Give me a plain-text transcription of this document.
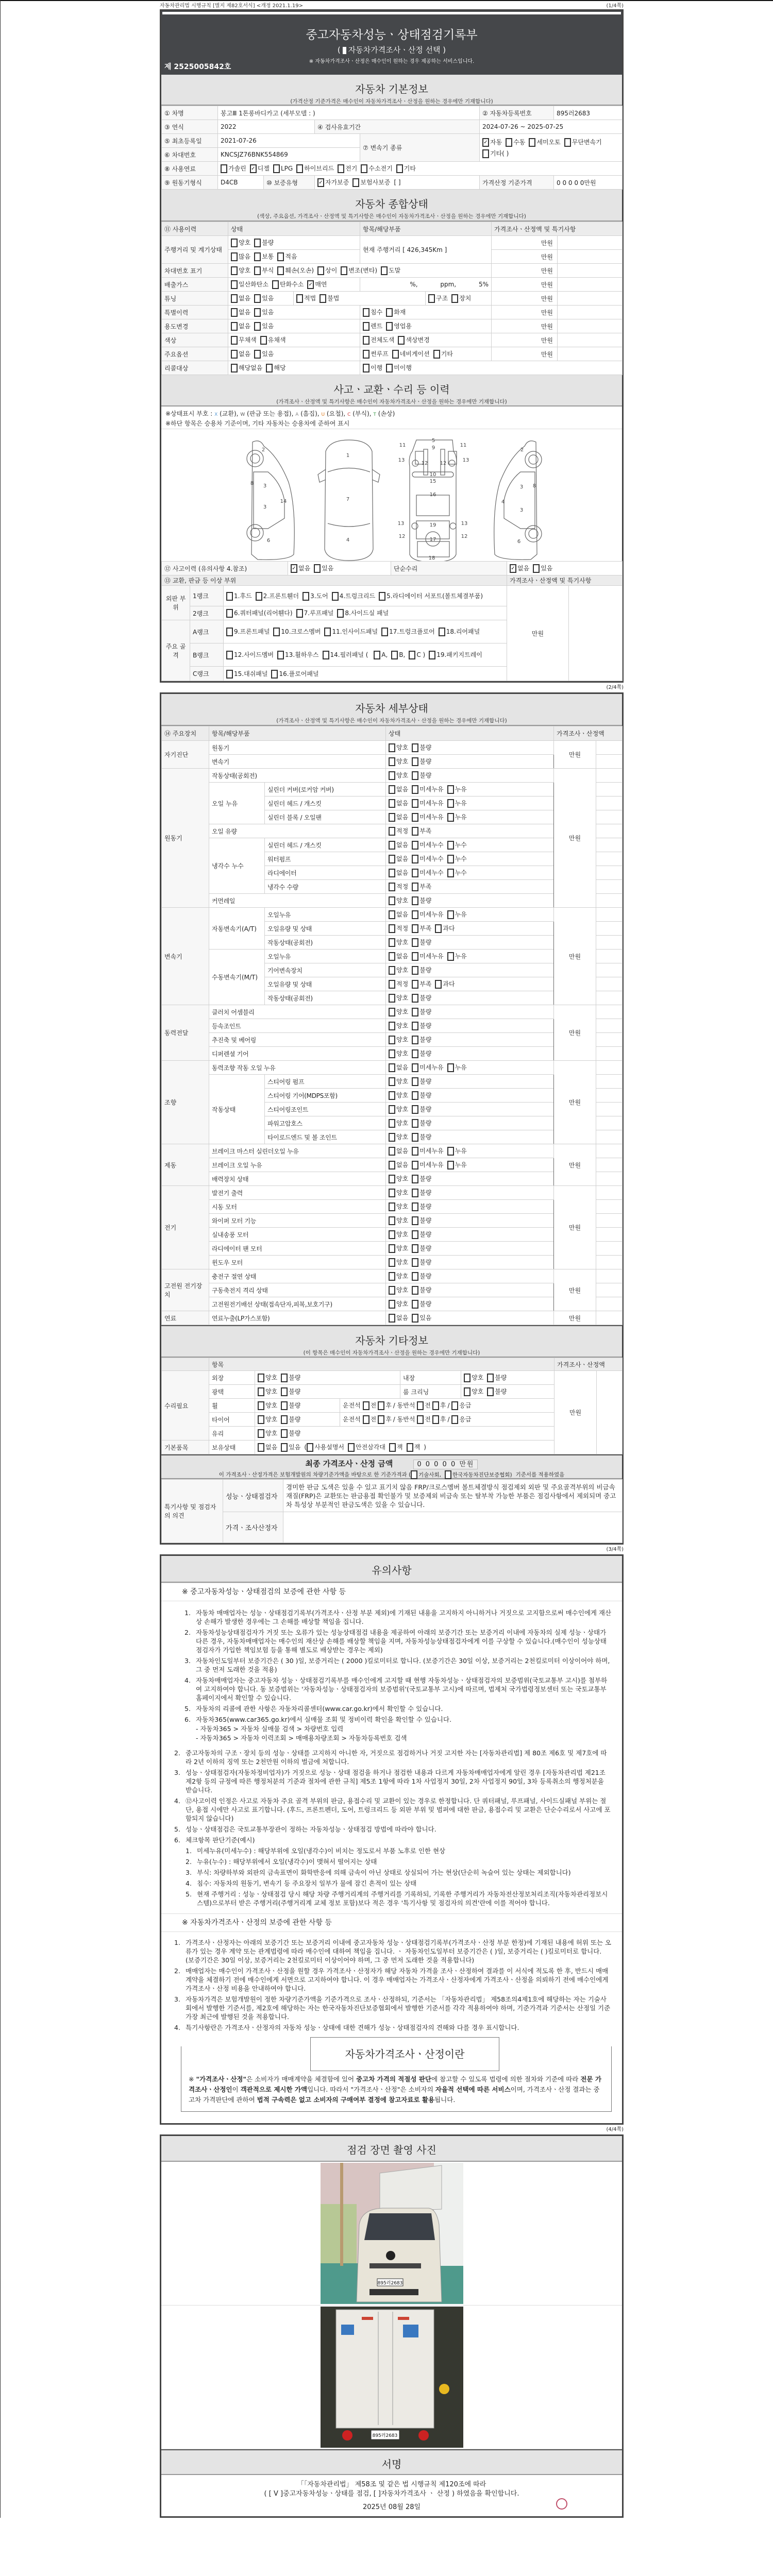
자동차관리법 시행규칙 [별지 제82호서식] <개정 2021.1.19>	(1/4쪽)
중고자동차성능ㆍ상태점검기록부
( 자동차가격조사ㆍ산정 선택 )
※ 자동차가격조사ㆍ산정은 매수인이 원하는 경우 제공하는 서비스입니다.
제 2525005842호
자동차 기본정보
(가격산정 기준가격은 매수인이 자동차가격조사ㆍ산정을 원하는 경우에만 기재합니다)
① 차명	봉고Ⅲ 1톤롱바디카고 (세부모델 : )				② 자동차등록번호	895러2683
③ 연식	2022		④ 검사유효기간		2024-07-26 ~ 2025-07-25	
⑤ 최초등록일	2021-07-26			⑦ 변속기 종류	✓ 자동 수동 세미오토 무단변속기기타( )	
⑥ 차대번호	KNCSJZ76BNK554869					
⑧ 사용연료	가솔린 ✓ 디젤 LPG 하이브리드 전기 수소전기 기타					
⑨ 원동기형식	D4CB	⑩ 보증유형	✓ 자가보증 보험사보증 [ ]		가격산정 기준가격	0 0 0 0 0만원
자동차 종합상태
(색상, 주요옵션, 가격조사ㆍ산정액 및 특기사항은 매수인이 자동차가격조사ㆍ산정을 원하는 경우에만 기재합니다)
⑪ 사용이력	상태		항목/해당부품		가격조사ㆍ산정액 및 특기사항	
주행거리 및 계기상태	양호 불량		현재 주행거리 [ 426,345Km ]		만원	
	많음 보통 적음				만원	
차대번호 표기	양호 부식 훼손(오손) 상이 변조(변타) 도말				만원	
배출가스	일산화탄소 탄화수소 ✓ 매연		%, ppm, 5%		만원	
튜닝	없음 있음	적법 불법		구조 장치	만원	
특별이력	없음 있음		침수 화재		만원	
용도변경	없음 있음		렌트 영업용		만원	
색상	무채색 유채색		전체도색 색상변경		만원	
주요옵션	없음 있음		썬루프 네비게이션 기타		만원	
리콜대상	해당없음 해당		이행 미이행			
사고ㆍ교환ㆍ수리 등 이력
(가격조사ㆍ산정액 및 특기사항은 매수인이 자동차가격조사ㆍ산정을 원하는 경우에만 기재합니다)
※상태표시 부호 : X (교환), W (판금 또는 용접), A (흠집), U (요철), C (부식), T (손상)
※하단 항목은 승용차 기준이며, 기타 자동차는 승용차에 준하여 표시
2
8 3
14
3
6
1
7
4
5
9
11	11
13	13
12 12
10
15
16
13	19	13
12
17
12
18
2
3 8
4
3
6
⑫ 사고이력 (유의사항 4.참조)			✓ 없음 있음	단순수리	✓ 없음 있음	
⑬ 교환, 판금 등 이상 부위					가격조사ㆍ산정액 및 특기사항	
외판 부위	1랭크	1.후드 2.프론트휀더 3.도어 4.트렁크리드 5.라디에이터 서포트(볼트체결부품)			만원	
	2랭크	6.쿼터패널(리어휀다) 7.루프패널 8.사이드실 패널				
주요 골격	A랭크	9.프론트패널 10.크로스멤버 11.인사이드패널 17.트렁크플로어 18.리어패널				
	B랭크	12.사이드멤버 13.휠하우스 14.필러패널 ( A, B, C ) 19.패키지트레이				
	C랭크	15.대쉬패널 16.플로어패널				
(2/4쪽)
자동차 세부상태
(가격조사ㆍ산정액 및 특기사항은 매수인이 자동차가격조사ㆍ산정을 원하는 경우에만 기재합니다)
⑭ 주요장치	항목/해당부품		상태	가격조사ㆍ산정액	
자기진단	원동기		양호 불량	만원	
	변속기		양호 불량		
원동기	작동상태(공회전)		양호 불량	만원	
	오일 누유	실린더 커버(로커암 커버)	없음 미세누유 누유		
		실린더 헤드 / 개스킷	없음 미세누유 누유		
		실린더 블록 / 오일팬	없음 미세누유 누유		
	오일 유량		적정 부족		
	냉각수 누수	실린더 헤드 / 개스킷	없음 미세누수 누수		
		워터펌프	없음 미세누수 누수		
		라디에이터	없음 미세누수 누수		
		냉각수 수량	적정 부족		
	커먼레일		양호 불량		
변속기	자동변속기(A/T)	오일누유	없음 미세누유 누유	만원	
		오일유량 및 상태	적정 부족 과다		
		작동상태(공회전)	양호 불량		
	수동변속기(M/T)	오일누유	없음 미세누유 누유		
		기어변속장치	양호 불량		
		오일유량 및 상태	적정 부족 과다		
		작동상태(공회전)	양호 불량		
동력전달	클러치 어셈블리		양호 불량	만원	
	등속조인트		양호 불량		
	추진축 및 베어링		양호 불량		
	디퍼렌셜 기어		양호 불량		
조향	동력조향 작동 오일 누유		없음 미세누유 누유	만원	
	작동상태	스티어링 펌프	양호 불량		
		스티어링 기어(MDPS포함)	양호 불량		
		스티어링조인트	양호 불량		
		파워고압호스	양호 불량		
		타이로드엔드 및 볼 조인트	양호 불량		
제동	브레이크 마스터 실린더오일 누유		없음 미세누유 누유	만원	
	브레이크 오일 누유		없음 미세누유 누유		
	배력장치 상태		양호 불량		
전기	발전기 출력		양호 불량	만원	
	시동 모터		양호 불량		
	와이퍼 모터 기능		양호 불량		
	실내송풍 모터		양호 불량		
	라디에이터 팬 모터		양호 불량		
	윈도우 모터		양호 불량		
고전원 전기장치	충전구 절연 상태		양호 불량	만원	
	구동축전지 격리 상태		양호 불량		
	고전원전기배선 상태(접속단자,피복,보호기구)		양호 불량		
연료	연료누출(LP가스포함)		없음 있음	만원	
자동차 기타정보
(이 항목은 매수인이 자동차가격조사ㆍ산정을 원하는 경우에만 기재합니다)
	항목					가격조사ㆍ산정액	
수리필요	외장	양호 불량		내장	양호 불량	만원	
	광택	양호 불량		룸 크리닝	양호 불량		
	휠	양호 불량	운전석 전 후 / 동반석 전 후 / 응급				
	타이어	양호 불량	운전석 전 후 / 동반석 전 후 / 응급				
	유리	양호 불량					
기본품목	보유상태	없음 있음 ( 사용설명서 안전삼각대 잭 잭 )					
최종 가격조사ㆍ산정 금액	0 0 0 0 0 만원
이 가격조사ㆍ산정가격은 보험개발원의 차량기준가액을 바탕으로 한 기준가격과 ( 기술사회, 한국자동차진단보증협회) 기준서를 적용하였음
특기사항 및 점검자의 의견	성능ㆍ상태점검자	경미한 판금 도색은 있을 수 있고 표기치 않음 FRP/크로스멤버 볼트체결방식 점검제외 외판 및 주요골격부위의 비금속재질(FRP)은 교환또는 판금용접 확인불가 및 보증제외 비금속 또는 탈부착 가능한 부품은 점검사항에서 제외되며 중고차 특성상 부분적인 판금도색은 있을 수 있습니다.
	가격ㆍ조사산정자	
(3/4쪽)
유의사항
※ 중고자동차성능ㆍ상태점검의 보증에 관한 사항 등
1. 자동차 매매업자는 성능ㆍ상태점검기록부(가격조사ㆍ산정 부분 제외)에 기재된 내용을 고지하지 아니하거나 거짓으로 고지함으로써 매수인에게 재산상 손해가 발생한 경우에는 그 손해를 배상할 책임을 집니다.
2. 자동차성능상태점검자가 거짓 또는 오류가 있는 성능상태점검 내용을 제공하여 아래의 보증기간 또는 보증거리 이내에 자동차의 실제 성능ㆍ상태가 다른 경우, 자동차매매업자는 매수인의 재산상 손해를 배상할 책임을 지며, 자동차성능상태점검자에게 이를 구상할 수 있습니다.(매수인이 성능상태점검자가 가입한 책임보험 등을 통해 별도로 배상받는 경우는 제외)
3. 자동차인도일부터 보증기간은 ( 30 )일, 보증거리는 ( 2000 )킬로미터로 합니다. (보증기간은 30일 이상, 보증거리는 2천킬로미터 이상이어야 하며, 그 중 먼저 도래한 것을 적용)
4. 자동차매매업자는 중고자동차 성능ㆍ상태점검기록부를 매수인에게 고지할 때 현행 자동차성능ㆍ상태점검자의 보증범위(국토교통부 고시)를 첨부하여 고지하여야 합니다. 동 보증범위는 '자동차성능ㆍ상태점검자의 보증범위'(국토교통부 고시)에 따르며, 법제처 국가법령정보센터 또는 국토교통부 홈페이지에서 확인할 수 있습니다.
5. 자동차의 리콜에 관한 사항은 자동차리콜센터(www.car.go.kr)에서 확인할 수 있습니다.
6. 자동차365(www.car365.go.kr)에서 실매물 조회 및 정비이력 확인을 확인할 수 있습니다.
- 자동차365 > 자동차 실매물 검색 > 차량번호 입력
- 자동차365 > 자동차 이력조회 > 매매용차량조회 > 자동차등록번호 검색
2. 중고자동차의 구조ㆍ장치 등의 성능ㆍ상태를 고지하지 아니한 자, 거짓으로 점검하거나 거짓 고지한 자는 [자동차관리법] 제 80조 제6호 및 제7호에 따라 2년 이하의 징역 또는 2천만원 이하의 벌금에 처합니다.
3. 성능ㆍ상태점검자(자동차정비업자)가 거짓으로 성능ㆍ상태 점검을 하거나 점검한 내용과 다르게 자동차매매업자에게 알린 경우 [자동차관리법 제21조 제2항 등의 규정에 따른 행정처분의 기준과 절차에 관한 규칙] 제5조 1항에 따라 1차 사업정지 30일, 2차 사업정지 90일, 3차 등록취소의 행정처분을 받습니다.
4. ⑫사고이력 인정은 사고로 자동차 주요 골격 부위의 판금, 용접수리 및 교환이 있는 경우로 한정합니다. 단 쿼터패널, 루프패널, 사이드실패널 부위는 절단, 용접 시에만 사고로 표기합니다. (후드, 프론트펜더, 도어, 트렁크리드 등 외판 부위 및 범퍼에 대한 판금, 용접수리 및 교환은 단순수리로서 사고에 포함되지 않습니다)
5. 성능ㆍ상태점검은 국토교통부장관이 정하는 자동차성능ㆍ상태점검 방법에 따라야 합니다.
6. 체크항목 판단기준(예시)
1. 미세누유(미세누수) : 해당부위에 오일(냉각수)이 비치는 정도로서 부품 노후로 인한 현상
2. 누유(누수) : 해당부위에서 오일(냉각수)이 맺혀서 떨어지는 상태
3. 부식: 차량하부와 외판의 금속표면이 화학반응에 의해 금속이 아닌 상태로 상실되어 가는 현상(단순히 녹슬어 있는 상태는 제외합니다)
4. 침수: 자동차의 원동기, 변속기 등 주요장치 일부가 물에 잠긴 흔적이 있는 상태
5. 현재 주행거리 : 성능ㆍ상태점검 당시 해당 차량 주행거리계의 주행거리를 기록하되, 기록한 주행거리가 자동차전산정보처리조직(자동차관리정보시스템)으로부터 받은 주행거리(주행거리계 교체 정보 포함)보다 적은 경우 '특기사항 및 점검자의 의견'란에 이를 적어야 합니다.
※ 자동차가격조사ㆍ산정의 보증에 관한 사항 등
1. 가격조사ㆍ산정자는 아래의 보증기간 또는 보증거리 이내에 중고자동차 성능ㆍ상태점검기록부(가격조사ㆍ산정 부분 한정)에 기재된 내용에 허위 또는 오류가 있는 경우 계약 또는 관계법령에 따라 매수인에 대하여 책임을 집니다. ㆍ 자동차인도일부터 보증기간은 ( )일, 보증거리는 ( )킬로미터로 합니다. (보증기간은 30일 이상, 보증거리는 2천킬로미터 이상이어야 하며, 그 중 먼저 도래한 것을 적용합니다)
2. 매매업자는 매수인이 가격조사ㆍ산정을 원할 경우 가격조사ㆍ산정자가 해당 자동차 가격을 조사ㆍ산정하여 결과를 이 서식에 적도록 한 후, 반드시 매매계약을 체결하기 전에 매수인에게 서면으로 고지하여야 합니다. 이 경우 매매업자는 가격조사ㆍ산정자에게 가격조사ㆍ산정을 의뢰하기 전에 매수인에게 가격조사ㆍ산정 비용을 안내하여야 합니다.
3. 자동차가격은 보험개발원이 정한 차량기준가액을 기준가격으로 조사ㆍ산정하되, 기준서는 「자동차관리법」 제58조의4제1호에 해당하는 자는 기술사회에서 발행한 기준서를, 제2호에 해당하는 자는 한국자동차진단보증협회에서 발행한 기준서를 각각 적용하여야 하며, 기준가격과 기준서는 산정일 기준 가장 최근에 발행된 것을 적용합니다.
4. 특기사항란은 가격조사ㆍ산정자의 자동차 성능ㆍ상태에 대한 견해가 성능ㆍ상태점검자의 견해와 다를 경우 표시합니다.
자동차가격조사ㆍ산정이란
※ "가격조사ㆍ산정"은 소비자가 매매계약을 체결함에 있어 중고차 가격의 적절성 판단에 참고할 수 있도록 법령에 의한 절차와 기준에 따라 전문 가격조사ㆍ산정인이 객관적으로 제시한 가액입니다. 따라서 "가격조사ㆍ산정"은 소비자의 자율적 선택에 따른 서비스이며, 가격조사ㆍ산정 결과는 중고차 가격판단에 관하여 법적 구속력은 없고 소비자의 구매여부 결정에 참고자료로 활용됩니다.
(4/4쪽)
점검 장면 촬영 사진
895러2683
895러2683
서명
「「자동차관리법」 제58조 및 같은 법 시행규칙 제120조에 따라
( [ V ]중고자동차성능ㆍ상태를 점검, [ ]자동차가격조사 ㆍ 산정 ) 하였음을 확인합니다.
2025년 08월 28일
